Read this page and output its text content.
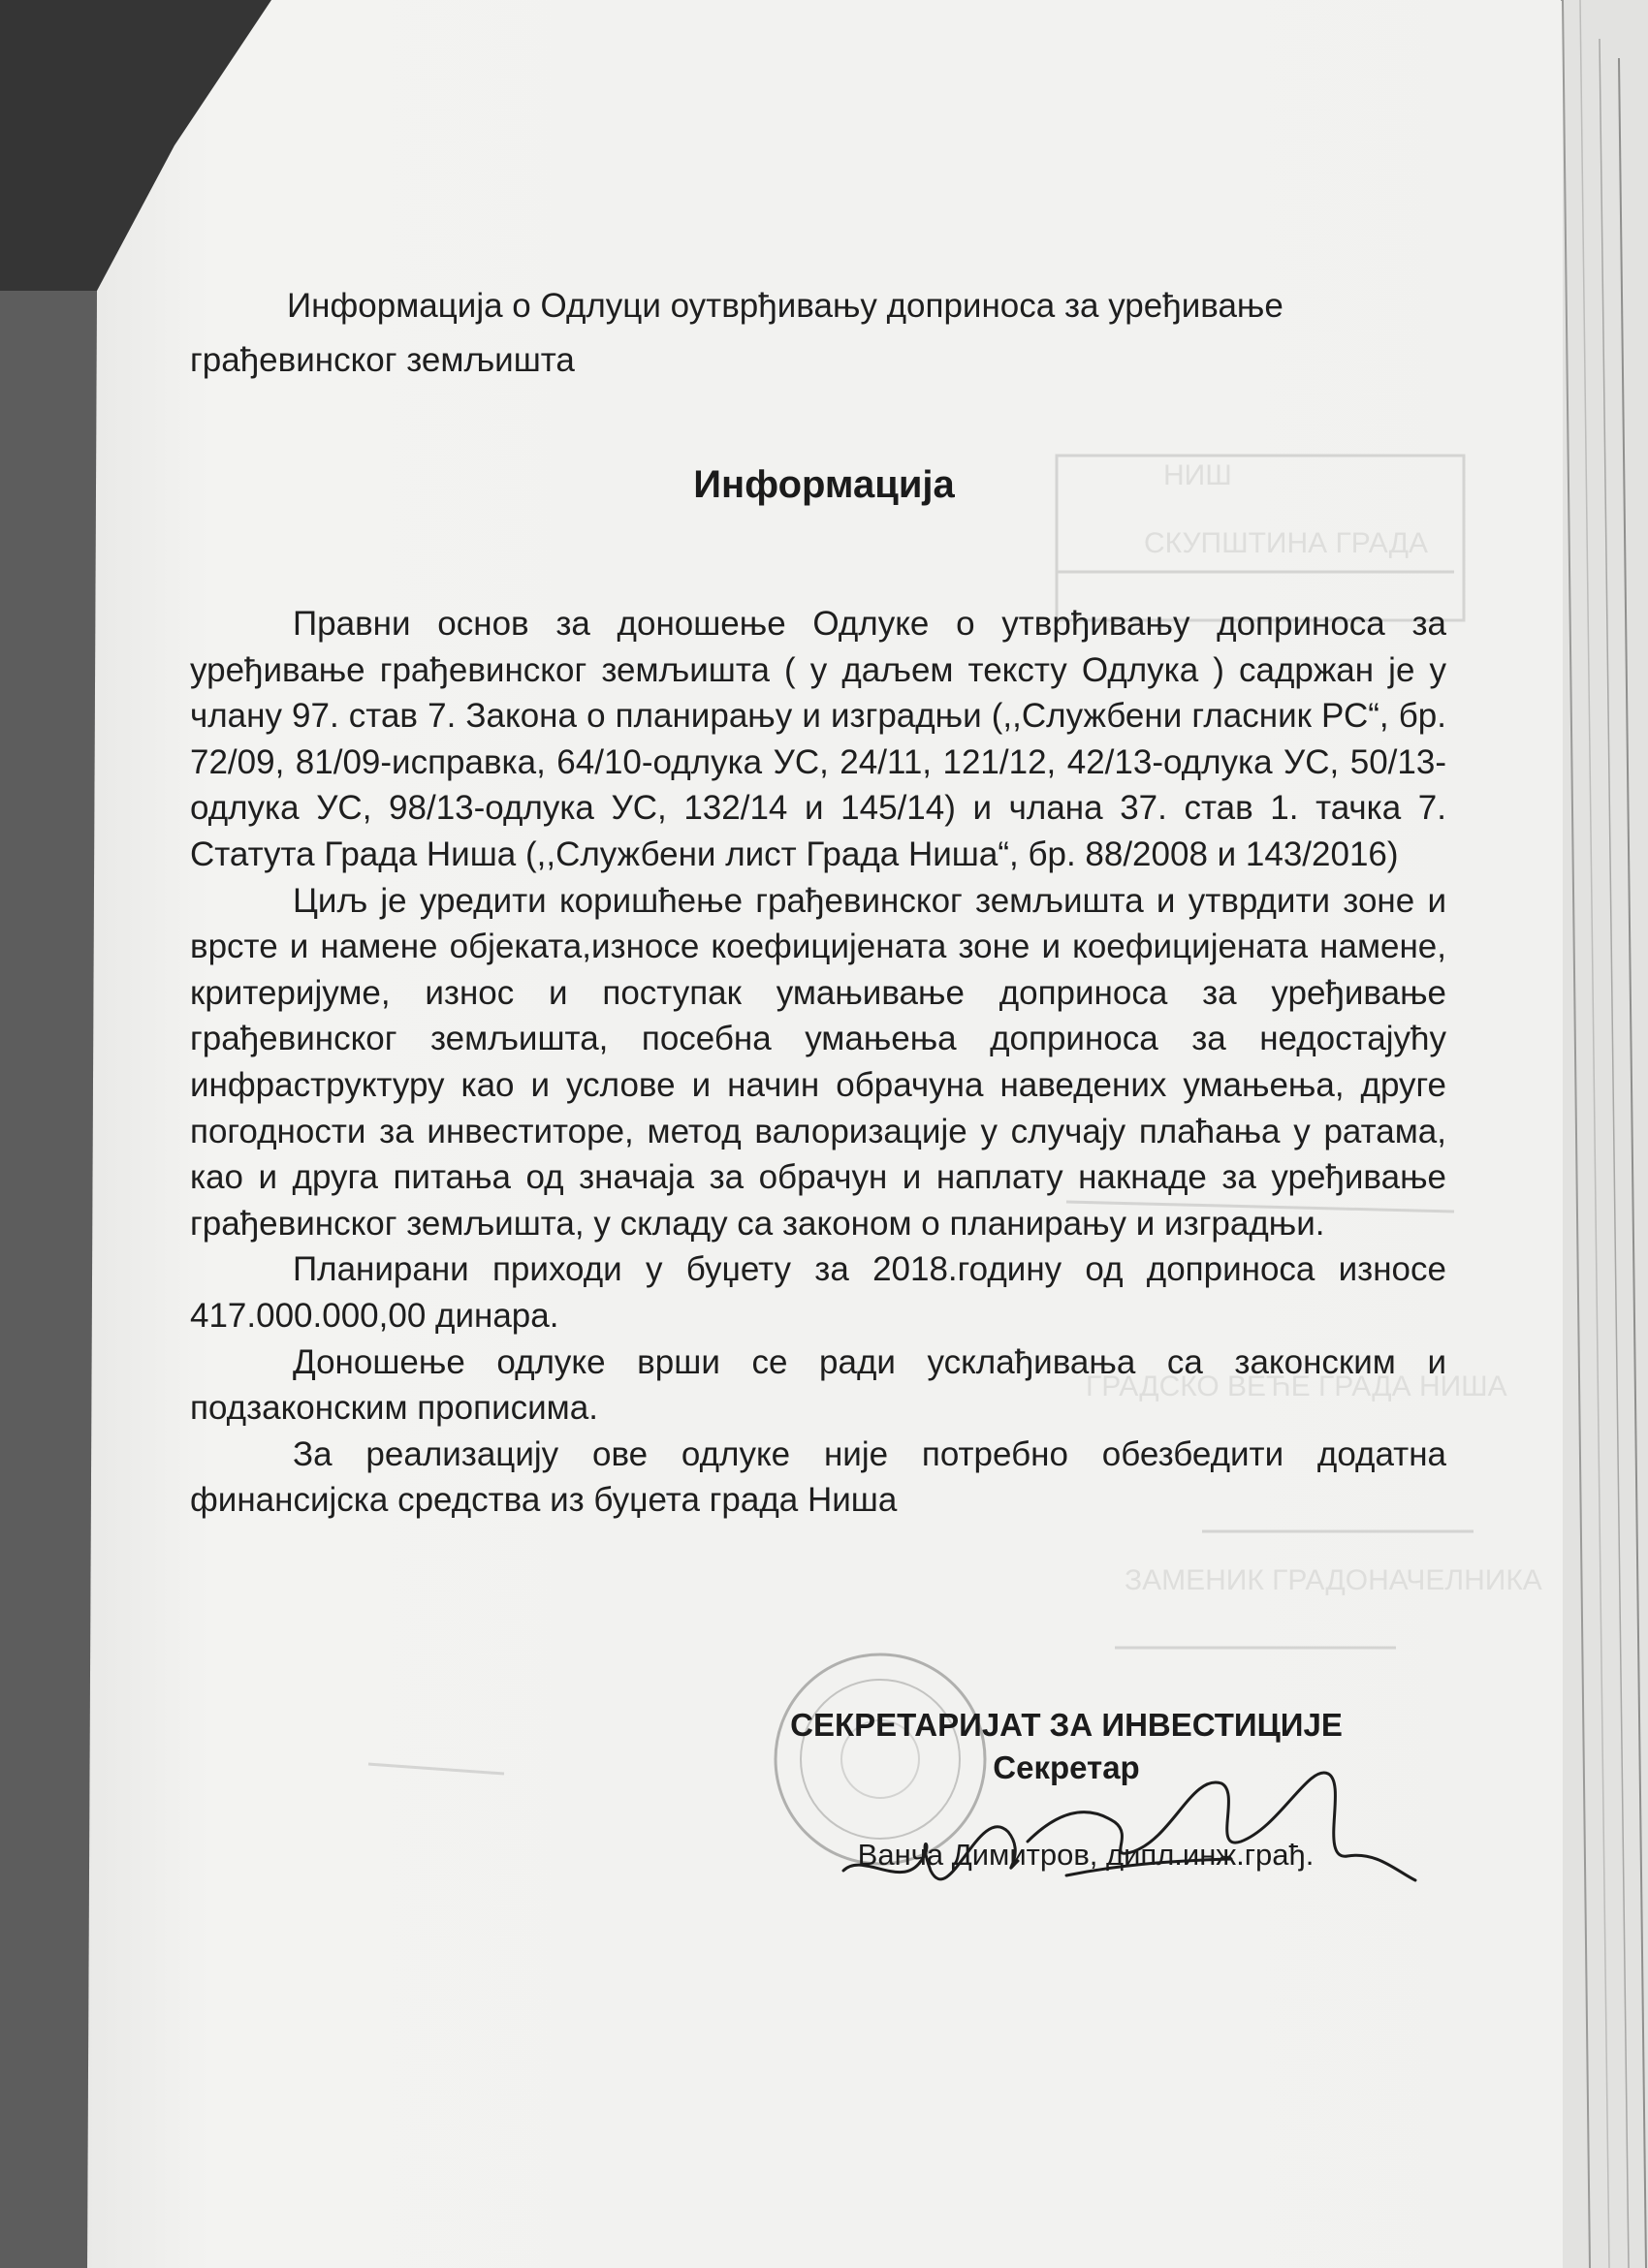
НИШ
СКУПШТИНА ГРАДА
ГРАДСКО ВЕЋЕ ГРАДА НИША
ЗАМЕНИК ГРАДОНАЧЕЛНИКА
Информација о Одлуци оутврђивању доприноса за уређивање
грађевинског земљишта
Информација

Правни основ за доношење Одлуке о утврђивању доприноса за уређивање грађевинског земљишта ( у даљем тексту Одлука ) садржан је у члану 97. став 7. Закона о планирању и изградњи (,,Службени гласник РС“, бр. 72/09, 81/09-исправка, 64/10-одлука УС, 24/11, 121/12, 42/13-одлука УС, 50/13-одлука УС, 98/13-одлука УС, 132/14 и 145/14) и члана 37. став 1. тачка 7. Статута Града Ниша (,,Службени лист Града Ниша“, бр. 88/2008 и 143/2016)

Циљ је уредити коришћење грађевинског земљишта и утврдити зоне и врсте и намене објеката,износе коефицијената зоне и коефицијената намене, критеријуме, износ и поступак умањивање доприноса за уређивање грађевинског земљишта, посебна умањења доприноса за недостајућу инфраструктуру као и услове и начин обрачуна наведених умањења, друге погодности за инвеститоре, метод валоризације у случају плаћања у ратама, као и друга питања од значаја за обрачун и наплату накнаде за уређивање грађевинског земљишта, у складу са законом о планирању и изградњи.

Планирани приходи у буџету за 2018.годину од доприноса износе 417.000.000,00 динара.

Доношење одлуке врши се ради усклађивања са законским и подзаконским прописима.

За реализацију ове одлуке није потребно обезбедити додатна финансијска средства из буџета града Ниша

СЕКРЕТАРИЈАТ ЗА ИНВЕСТИЦИЈЕ
Секретар
Ванча Димитров, дипл.инж.грађ.
